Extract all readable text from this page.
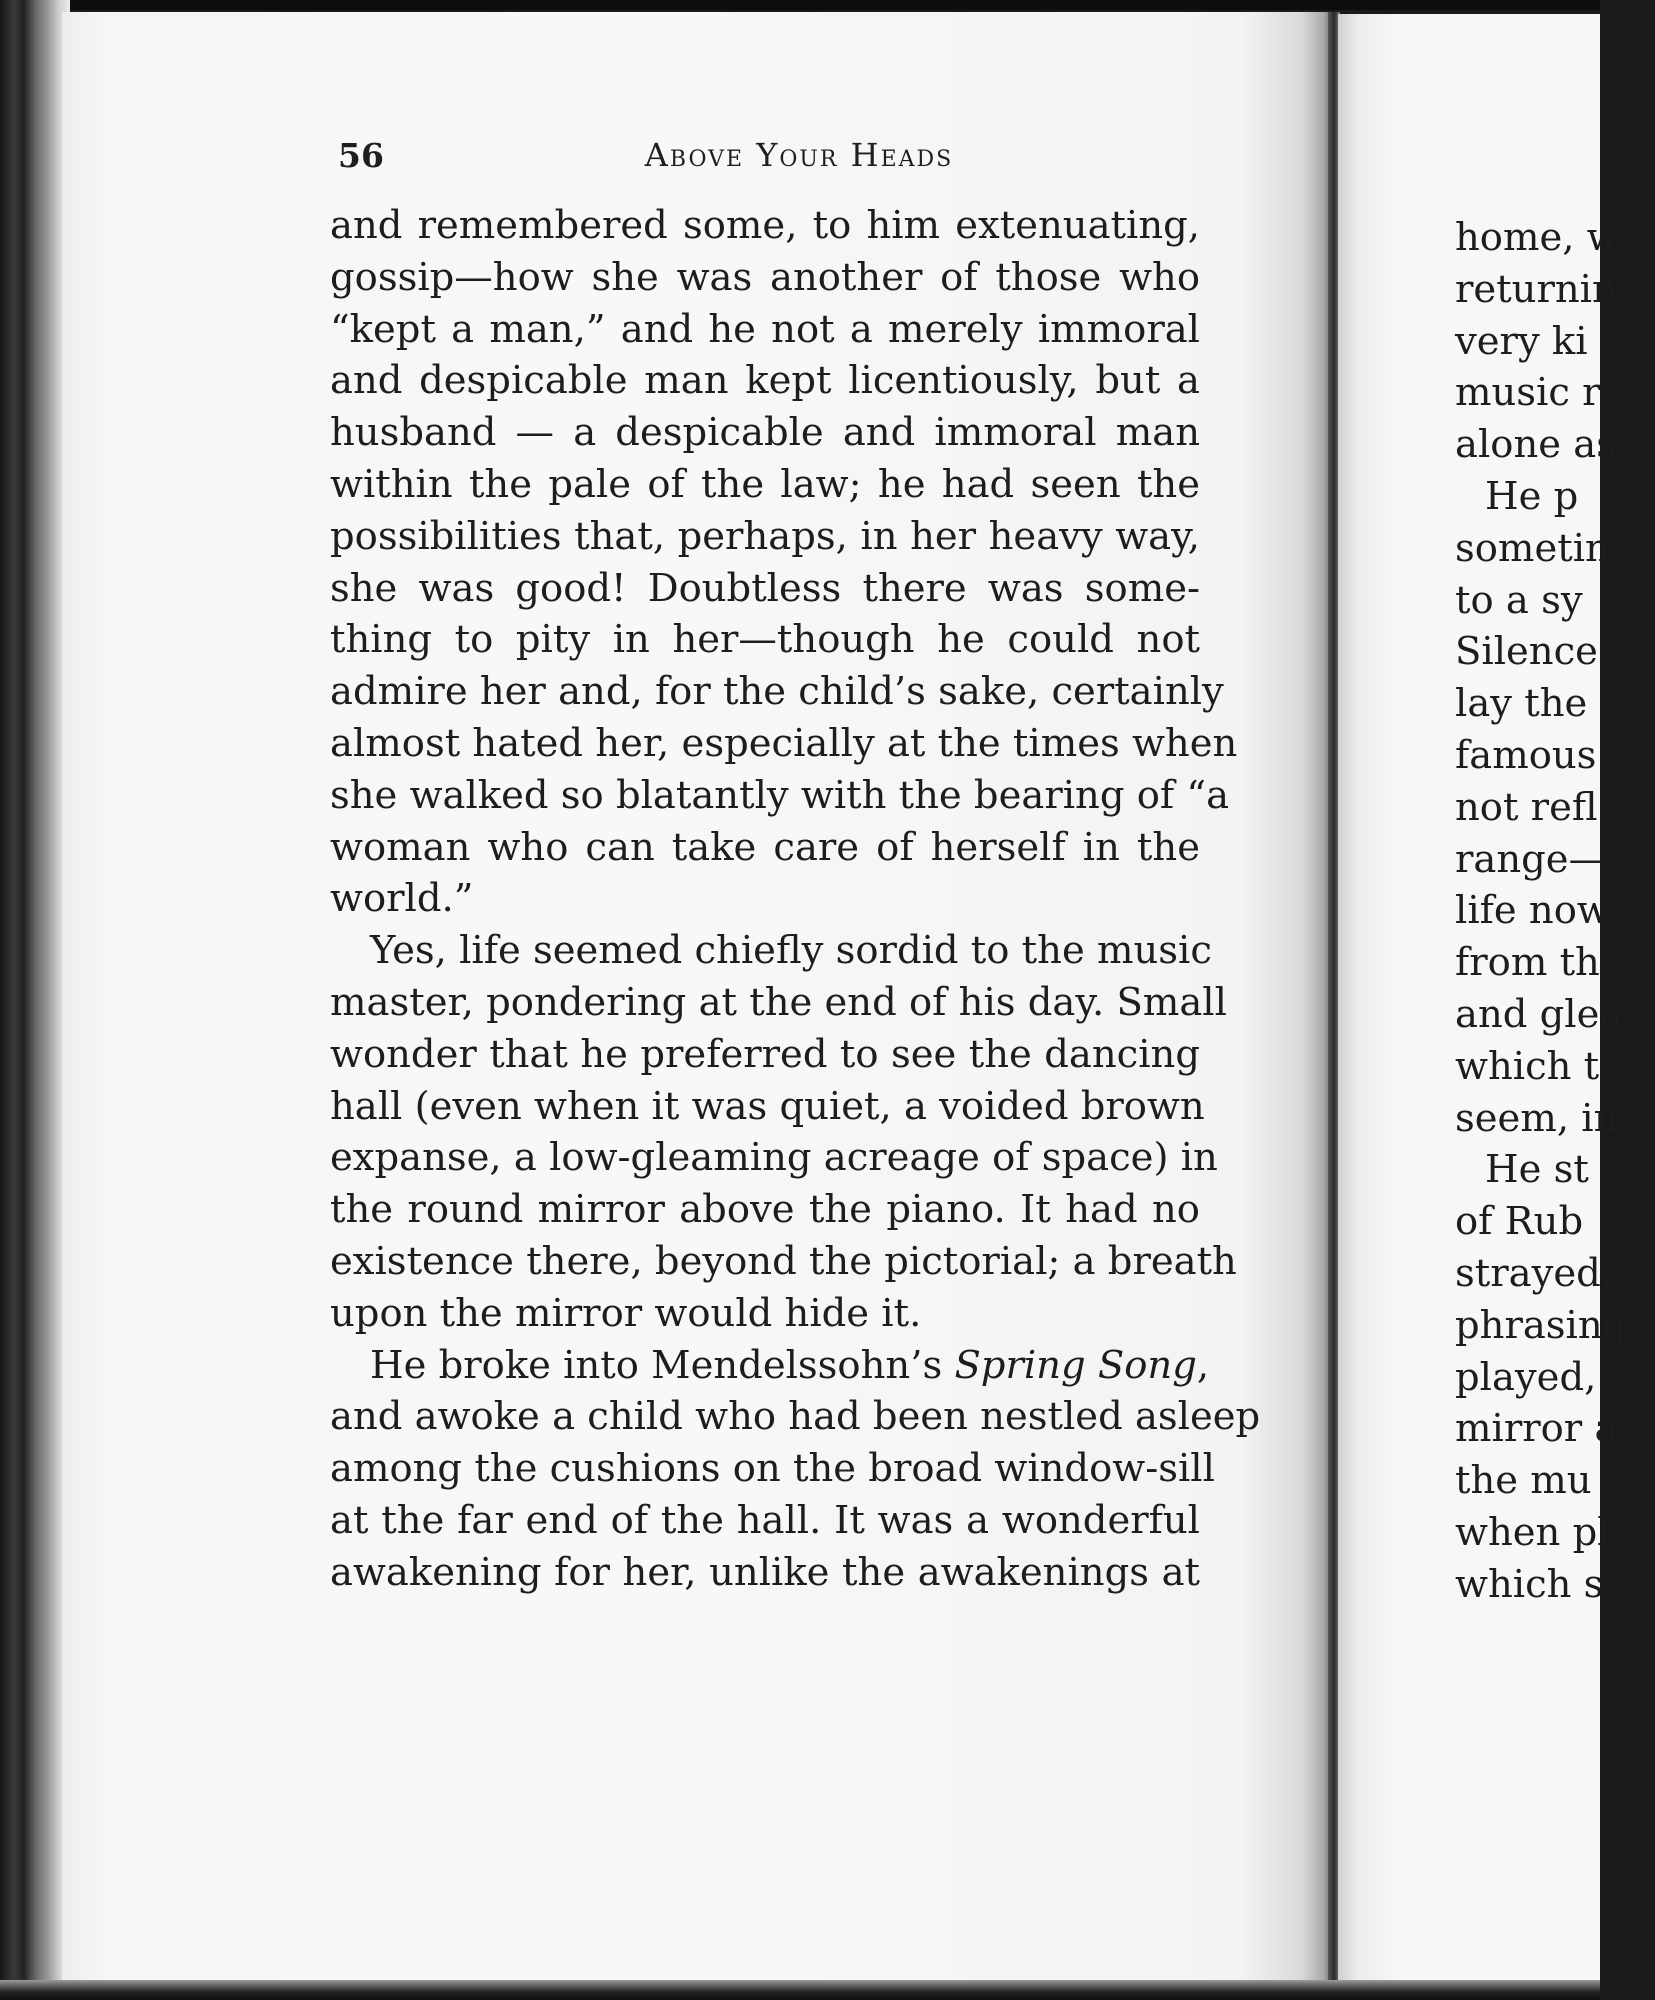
56	Above Your Heads
and remembered some, to him extenuating,
gossip—how she was another of those who
“kept a man,” and he not a merely immoral
and despicable man kept licentiously, but a
husband — a despicable and immoral man
within the pale of the law; he had seen the
possibilities that, perhaps, in her heavy way,
she was good! Doubtless there was some-
thing to pity in her—though he could not
admire her and, for the child’s sake, certainly
almost hated her, especially at the times when
she walked so blatantly with the bearing of “a
woman who can take care of herself in the
world.”
Yes, life seemed chiefly sordid to the music
master, pondering at the end of his day. Small
wonder that he preferred to see the dancing
hall (even when it was quiet, a voided brown
expanse, a low-gleaming acreage of space) in
the round mirror above the piano. It had no
existence there, beyond the pictorial; a breath
upon the mirror would hide it.
He broke into Mendelssohn’s Spring Song,
and awoke a child who had been nestled asleep
among the cushions on the broad window-sill
at the far end of the hall. It was a wonderful
awakening for her, unlike the awakenings at
home, w
returnin
very ki
music r
alone as
He p
sometin
to a sy
Silence.
lay the
famous
not refl
range—
life now
from th
and glea
which t
seem, in
He st
of Rub
strayed,
phrasing
played,
mirror a
the mu
when pl
which s
